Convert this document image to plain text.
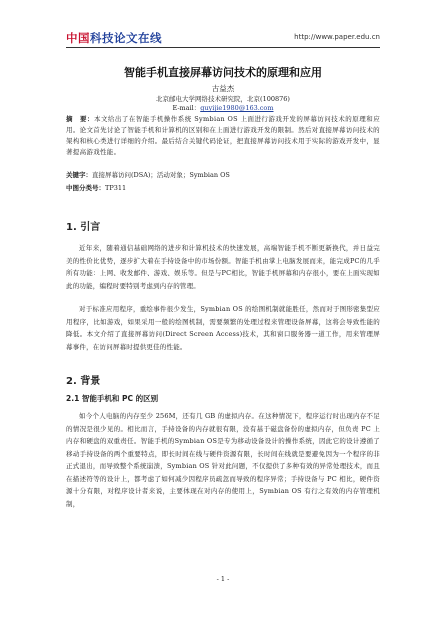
中国科技论文在线	http://www.paper.edu.cn
智能手机直接屏幕访问技术的原理和应用
古益杰
北京邮电大学网络技术研究院，北京(100876)
E-mail：guyijie1980@163.com
摘　要：本文给出了在智能手机操作系统 Symbian OS 上面进行游戏开发的屏幕访问技术的原理和应用。论文首先讨论了智能手机和计算机的区别和在上面进行游戏开发的限制。然后对直接屏幕访问技术的架构和核心类进行详细的介绍。最后结合关键代码论证，把直接屏幕访问技术用于实际的游戏开发中，显著提高游戏性能。
关键字：直接屏幕访问(DSA)；活动对象；Symbian OS
中图分类号：TP311
1. 引言
近年来，随着通信基础网络的进步和计算机技术的快速发展，高端智能手机不断更新换代，并日益完美的性价比优势，逐步扩大着在手持设备中的市场份额。智能手机由掌上电脑发展而来，能完成PC的几乎所有功能：上网、收发邮件、游戏、娱乐等。但是与PC相比，智能手机屏幕和内存很小，要在上面实现如此的功能，编程时要特别考虑到内存的管理。
对于标准应用程序，重绘事件很少发生，Symbian OS 的绘图机制就能胜任，然而对于图形密集型应用程序，比如游戏，如果采用一般的绘图机制，需要频繁的处理过程来管理设备屏幕，这将会导致性能的降低。本文介绍了直接屏幕访问(Direct Screen Access)技术，其和窗口服务器一道工作，用来管理屏幕事件，在访问屏幕时提供更佳的性能。
2. 背景
2.1 智能手机和 PC 的区别
如今个人电脑的内存至少 256M，还有几 GB 的虚拟内存。在这种情况下，程序运行时出现内存不足的情况是很少见的。相比而言，手持设备的内存就很有限，没有基于磁盘备份的虚拟内存，但负责 PC 上内存和硬盘的双重责任。智能手机的Symbian OS是专为移动设备设计的操作系统，因此它的设计遵循了移动手持设备的两个重要特点，即长时间在线与硬件资源有限，长时间在线就是要避免因为一个程序的非正式退出，而导致整个系统崩溃，Symbian OS 针对此问题，不仅提供了多种有效的异常处理技术，而且在描述符等的设计上，都考虑了如何减少因程序员疏忽而导致的程序异常；手持设备与 PC 相比，硬件资源十分有限，对程序设计者来说，主要体现在对内存的使用上，Symbian OS 有行之有效的内存管理机制，
- 1 -
